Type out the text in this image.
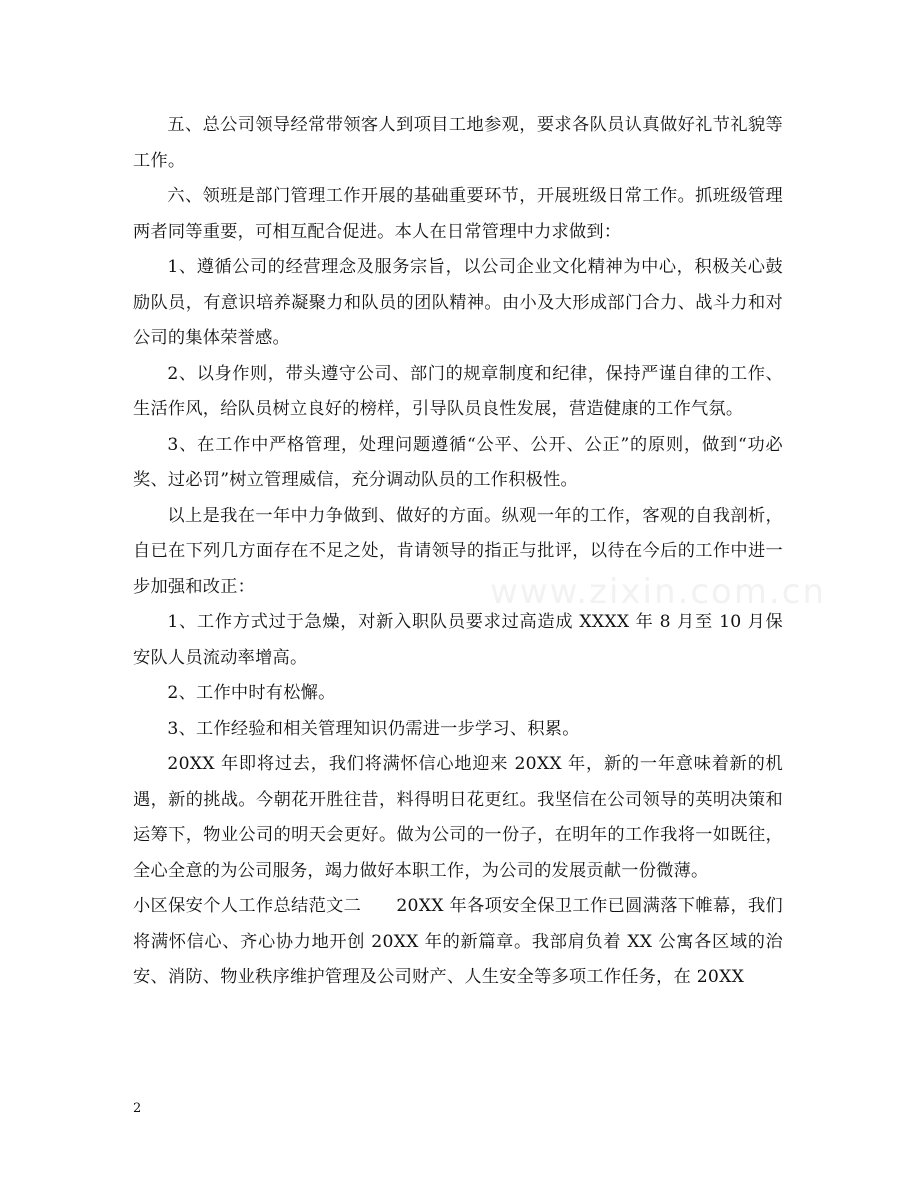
www.zixin.com.cn

五、总公司领导经常带领客人到项目工地参观，要求各队员认真做好礼节礼貌等工作。

六、领班是部门管理工作开展的基础重要环节，开展班级日常工作。抓班级管理两者同等重要，可相互配合促进。本人在日常管理中力求做到：

1、遵循公司的经营理念及服务宗旨，以公司企业文化精神为中心，积极关心鼓励队员，有意识培养凝聚力和队员的团队精神。由小及大形成部门合力、战斗力和对公司的集体荣誉感。

2、以身作则，带头遵守公司、部门的规章制度和纪律，保持严谨自律的工作、生活作风，给队员树立良好的榜样，引导队员良性发展，营造健康的工作气氛。

3、在工作中严格管理，处理问题遵循“公平、公开、公正”的原则，做到“功必奖、过必罚”树立管理威信，充分调动队员的工作积极性。

以上是我在一年中力争做到、做好的方面。纵观一年的工作，客观的自我剖析，自已在下列几方面存在不足之处，肯请领导的指正与批评，以待在今后的工作中进一步加强和改正：

1、工作方式过于急燥，对新入职队员要求过高造成 XXXX 年 8 月至 10 月保安队人员流动率增高。

2、工作中时有松懈。

3、工作经验和相关管理知识仍需进一步学习、积累。

20XX 年即将过去，我们将满怀信心地迎来 20XX 年，新的一年意味着新的机遇，新的挑战。今朝花开胜往昔，料得明日花更红。我坚信在公司领导的英明决策和运筹下，物业公司的明天会更好。做为公司的一份子，在明年的工作我将一如既往，全心全意的为公司服务，竭力做好本职工作，为公司的发展贡献一份微薄。

小区保安个人工作总结范文二　　20XX 年各项安全保卫工作已圆满落下帷幕，我们将满怀信心、齐心协力地开创 20XX 年的新篇章。我部肩负着 XX 公寓各区域的治安、消防、物业秩序维护管理及公司财产、人生安全等多项工作任务，在 20XX

2
